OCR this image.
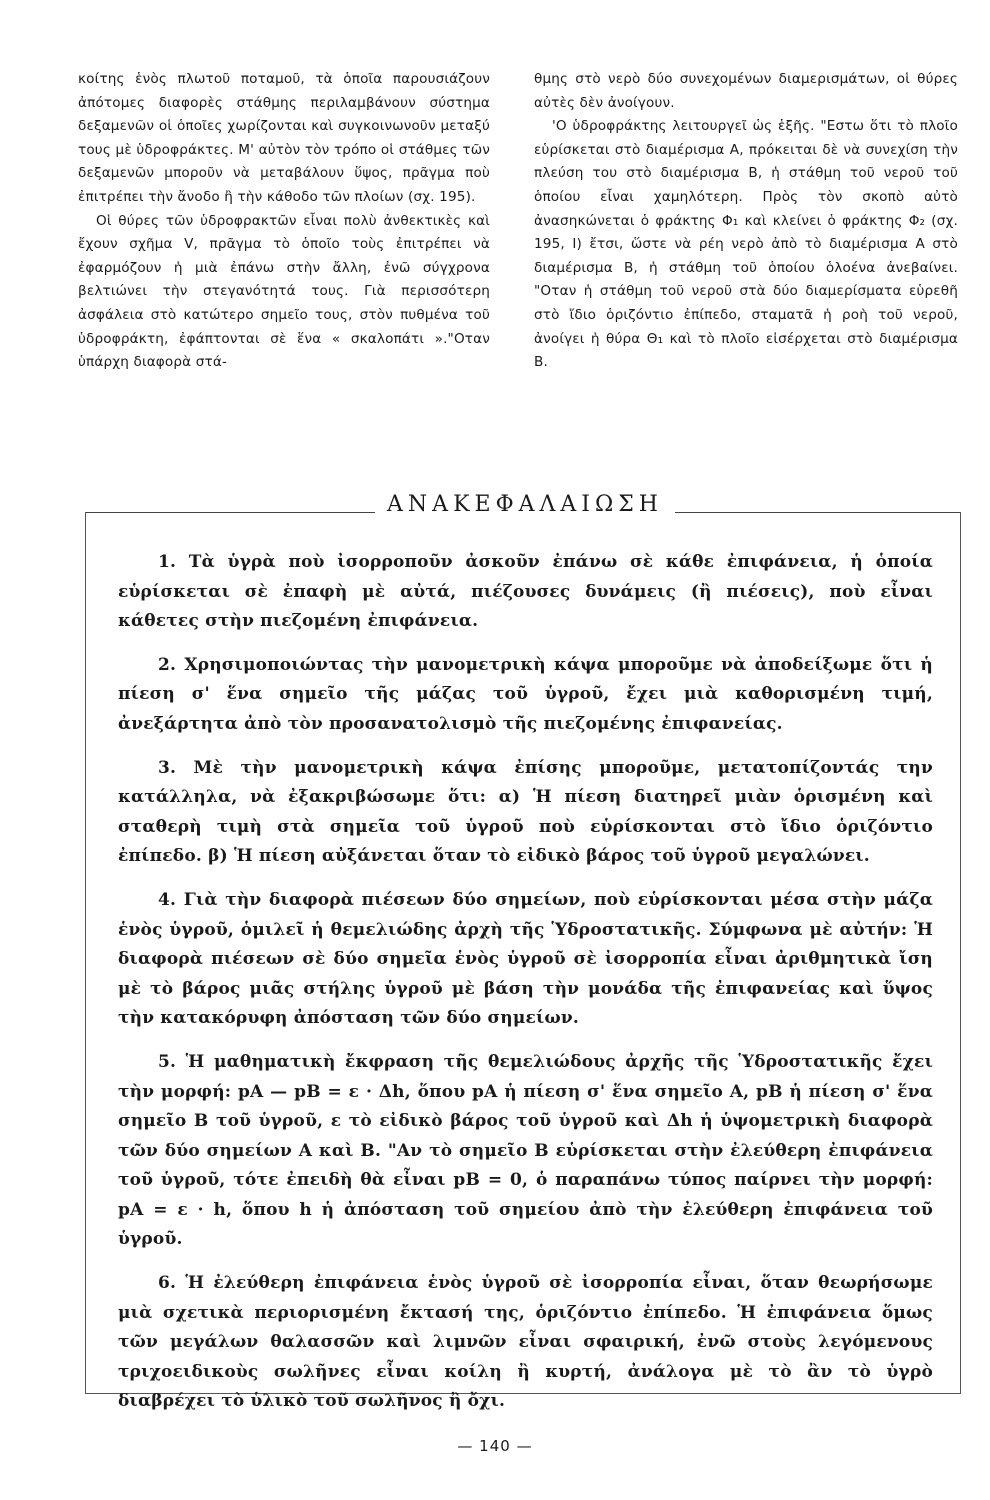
κοίτης ἑνὸς πλωτοῦ ποταμοῦ, τὰ ὁποῖα παρουσιάζουν ἀπότομες διαφορὲς στάθμης περιλαμβάνουν σύστημα δεξαμενῶν οἱ ὁποῖες χωρίζονται καὶ συγκοινωνοῦν μεταξύ τους μὲ ὑδροφράκτες. Μ' αὐτὸν τὸν τρόπο οἱ στάθμες τῶν δεξαμενῶν μποροῦν νὰ μεταβάλουν ὕψος, πρᾶγμα ποὺ ἐπιτρέπει τὴν ἄνοδο ἢ τὴν κάθοδο τῶν πλοίων (σχ. 195).

Οἱ θύρες τῶν ὑδροφρακτῶν εἶναι πολὺ ἀνθεκτικὲς καὶ ἔχουν σχῆμα V, πρᾶγμα τὸ ὁποῖο τοὺς ἐπιτρέπει νὰ ἐφαρμόζουν ἡ μιὰ ἐπάνω στὴν ἄλλη, ἐνῶ σύγχρονα βελτιώνει τὴν στεγανότητά τους. Γιὰ περισσότερη ἀσφάλεια στὸ κατώτερο σημεῖο τους, στὸν πυθμένα τοῦ ὑδροφράκτη, ἐφάπτονται σὲ ἕνα « σκαλοπάτι »."Οταν ὑπάρχη διαφορὰ στά-

θμης στὸ νερὸ δύο συνεχομένων διαμερισμάτων, οἱ θύρες αὐτὲς δὲν ἀνοίγουν.

'Ο ὑδροφράκτης λειτουργεῖ ὡς ἑξῆς. "Εστω ὅτι τὸ πλοῖο εὑρίσκεται στὸ διαμέρισμα Α, πρόκειται δὲ νὰ συνεχίση τὴν πλεύση του στὸ διαμέρισμα Β, ἡ στάθμη τοῦ νεροῦ τοῦ ὁποίου εἶναι χαμηλότερη. Πρὸς τὸν σκοπὸ αὐτὸ ἀνασηκώνεται ὁ φράκτης Φ₁ καὶ κλείνει ὁ φράκτης Φ₂ (σχ. 195, I) ἔτσι, ὥστε νὰ ρέη νερὸ ἀπὸ τὸ διαμέρισμα Α στὸ διαμέρισμα Β, ἡ στάθμη τοῦ ὁποίου ὁλοένα ἀνεβαίνει. "Οταν ἡ στάθμη τοῦ νεροῦ στὰ δύο διαμερίσματα εὑρεθῆ στὸ ἴδιο ὁριζόντιο ἐπίπεδο, σταματᾶ ἡ ροὴ τοῦ νεροῦ, ἀνοίγει ἡ θύρα Θ₁ καὶ τὸ πλοῖο εἰσέρχεται στὸ διαμέρισμα Β.

ΑΝΑΚΕΦΑΛΑΙΩΣΗ

1. Τὰ ὑγρὰ ποὺ ἰσορροποῦν ἀσκοῦν ἐπάνω σὲ κάθε ἐπιφάνεια, ἡ ὁποία εὑρίσκεται σὲ ἐπαφὴ μὲ αὐτά, πιέζουσες δυνάμεις (ἢ πιέσεις), ποὺ εἶναι κάθετες στὴν πιεζομένη ἐπιφάνεια.

2. Χρησιμοποιώντας τὴν μανομετρικὴ κάψα μποροῦμε νὰ ἀποδείξωμε ὅτι ἡ πίεση σ' ἕνα σημεῖο τῆς μάζας τοῦ ὑγροῦ, ἔχει μιὰ καθορισμένη τιμή, ἀνεξάρτητα ἀπὸ τὸν προσανατολισμὸ τῆς πιεζομένης ἐπιφανείας.

3. Μὲ τὴν μανομετρικὴ κάψα ἐπίσης μποροῦμε, μετατοπίζοντάς την κατάλληλα, νὰ ἐξακριβώσωμε ὅτι: α) Ἡ πίεση διατηρεῖ μιὰν ὁρισμένη καὶ σταθερὴ τιμὴ στὰ σημεῖα τοῦ ὑγροῦ ποὺ εὑρίσκονται στὸ ἴδιο ὁριζόντιο ἐπίπεδο. β) Ἡ πίεση αὐξάνεται ὅταν τὸ εἰδικὸ βάρος τοῦ ὑγροῦ μεγαλώνει.

4. Γιὰ τὴν διαφορὰ πιέσεων δύο σημείων, ποὺ εὑρίσκονται μέσα στὴν μάζα ἑνὸς ὑγροῦ, ὁμιλεῖ ἡ θεμελιώδης ἀρχὴ τῆς Ὑδροστατικῆς. Σύμφωνα μὲ αὐτήν: Ἡ διαφορὰ πιέσεων σὲ δύο σημεῖα ἑνὸς ὑγροῦ σὲ ἰσορροπία εἶναι ἀριθμητικὰ ἴση μὲ τὸ βάρος μιᾶς στήλης ὑγροῦ μὲ βάση τὴν μονάδα τῆς ἐπιφανείας καὶ ὕψος τὴν κατακόρυφη ἀπόσταση τῶν δύο σημείων.

5. Ἡ μαθηματικὴ ἔκφραση τῆς θεμελιώδους ἀρχῆς τῆς Ὑδροστατικῆς ἔχει τὴν μορφή: pA — pB = ε · Δh, ὅπου pA ἡ πίεση σ' ἕνα σημεῖο Α, pB ἡ πίεση σ' ἕνα σημεῖο Β τοῦ ὑγροῦ, ε τὸ εἰδικὸ βάρος τοῦ ὑγροῦ καὶ Δh ἡ ὑψομετρικὴ διαφορὰ τῶν δύο σημείων Α καὶ Β. "Αν τὸ σημεῖο Β εὑρίσκεται στὴν ἐλεύθερη ἐπιφάνεια τοῦ ὑγροῦ, τότε ἐπειδὴ θὰ εἶναι pB = 0, ὁ παραπάνω τύπος παίρνει τὴν μορφή: pA = ε · h, ὅπου h ἡ ἀπόσταση τοῦ σημείου ἀπὸ τὴν ἐλεύθερη ἐπιφάνεια τοῦ ὑγροῦ.

6. Ἡ ἐλεύθερη ἐπιφάνεια ἑνὸς ὑγροῦ σὲ ἰσορροπία εἶναι, ὅταν θεωρήσωμε μιὰ σχετικὰ περιορισμένη ἔκτασή της, ὁριζόντιο ἐπίπεδο. Ἡ ἐπιφάνεια ὅμως τῶν μεγάλων θαλασσῶν καὶ λιμνῶν εἶναι σφαιρική, ἐνῶ στοὺς λεγόμενους τριχοειδικοὺς σωλῆνες εἶναι κοίλη ἢ κυρτή, ἀνάλογα μὲ τὸ ἂν τὸ ὑγρὸ διαβρέχει τὸ ὑλικὸ τοῦ σωλῆνος ἢ ὄχι.

— 140 —
